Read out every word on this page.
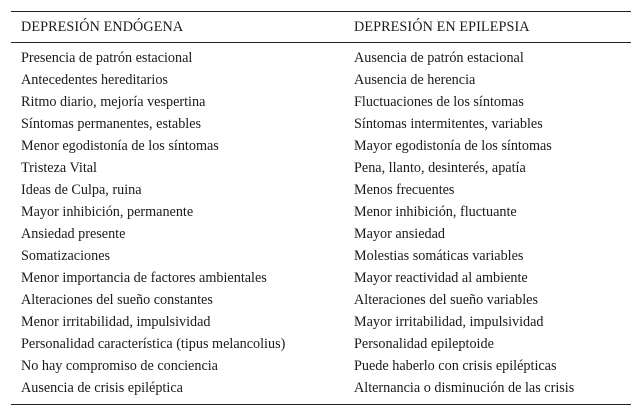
DEPRESIÓN ENDÓGENA	DEPRESIÓN EN EPILEPSIA
Presencia de patrón estacional	Ausencia de patrón estacional
Antecedentes hereditarios	Ausencia de herencia
Ritmo diario, mejoría vespertina	Fluctuaciones de los síntomas
Síntomas permanentes, estables	Síntomas intermitentes, variables
Menor egodistonía de los síntomas	Mayor egodistonía de los síntomas
Tristeza Vital	Pena, llanto, desinterés, apatía
Ideas de Culpa, ruina	Menos frecuentes
Mayor inhibición, permanente	Menor inhibición, fluctuante
Ansiedad presente	Mayor ansiedad
Somatizaciones	Molestias somáticas variables
Menor importancia de factores ambientales	Mayor reactividad al ambiente
Alteraciones del sueño constantes	Alteraciones del sueño variables
Menor irritabilidad, impulsividad	Mayor irritabilidad, impulsividad
Personalidad característica (tipus melancolius)	Personalidad epileptoide
No hay compromiso de conciencia	Puede haberlo con crisis epilépticas
Ausencia de crisis epiléptica	Alternancia o disminución de las crisis
